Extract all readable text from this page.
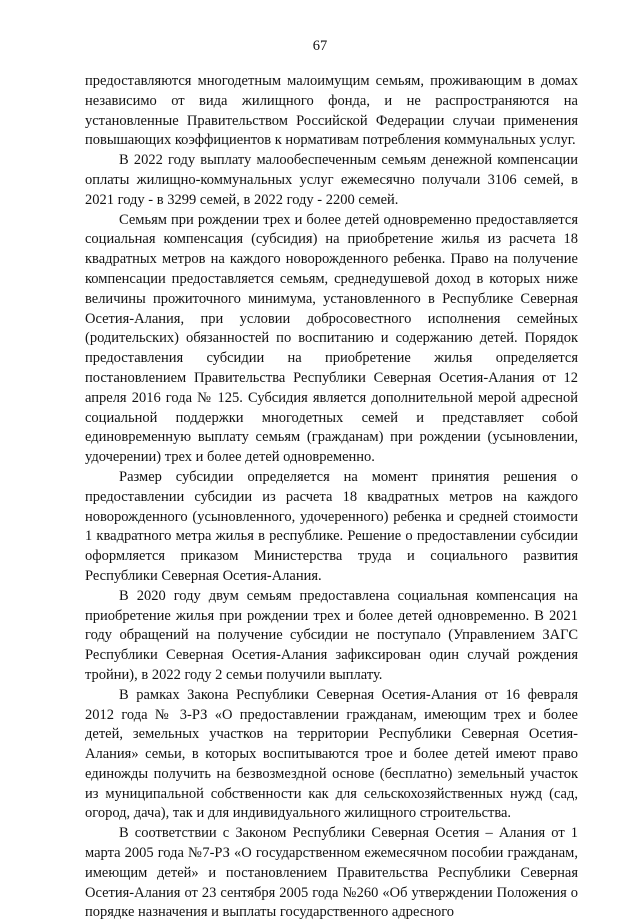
67

предоставляются многодетным малоимущим семьям, проживающим в домах независимо от вида жилищного фонда, и не распространяются на установленные Правительством Российской Федерации случаи применения повышающих коэффициентов к нормативам потребления коммунальных услуг.

В 2022 году выплату малообеспеченным семьям денежной компенсации оплаты жилищно-коммунальных услуг ежемесячно получали 3106 семей, в 2021 году - в 3299 семей, в 2022 году - 2200 семей.

Семьям при рождении трех и более детей одновременно предоставляется социальная компенсация (субсидия) на приобретение жилья из расчета 18 квадратных метров на каждого новорожденного ребенка. Право на получение компенсации предоставляется семьям, среднедушевой доход в которых ниже величины прожиточного минимума, установленного в Республике Северная Осетия-Алания, при условии добросовестного исполнения семейных (родительских) обязанностей по воспитанию и содержанию детей. Порядок предоставления субсидии на приобретение жилья определяется постановлением Правительства Республики Северная Осетия-Алания от 12 апреля 2016 года № 125. Субсидия является дополнительной мерой адресной социальной поддержки многодетных семей и представляет собой единовременную выплату семьям (гражданам) при рождении (усыновлении, удочерении) трех и более детей одновременно.

Размер субсидии определяется на момент принятия решения о предоставлении субсидии из расчета 18 квадратных метров на каждого новорожденного (усыновленного, удочеренного) ребенка и средней стоимости 1 квадратного метра жилья в республике. Решение о предоставлении субсидии оформляется приказом Министерства труда и социального развития Республики Северная Осетия-Алания.

В 2020 году двум семьям предоставлена социальная компенсация на приобретение жилья при рождении трех и более детей одновременно. В 2021 году обращений на получение субсидии не поступало (Управлением ЗАГС Республики Северная Осетия-Алания зафиксирован один случай рождения тройни), в 2022 году 2 семьи получили выплату.

В рамках Закона Республики Северная Осетия-Алания от 16 февраля 2012 года № 3-РЗ «О предоставлении гражданам, имеющим трех и более детей, земельных участков на территории Республики Северная Осетия-Алания» семьи, в которых воспитываются трое и более детей имеют право единожды получить на безвозмездной основе (бесплатно) земельный участок из муниципальной собственности как для сельскохозяйственных нужд (сад, огород, дача), так и для индивидуального жилищного строительства.

В соответствии с Законом Республики Северная Осетия – Алания от 1 марта 2005 года №7-РЗ «О государственном ежемесячном пособии гражданам, имеющим детей» и постановлением Правительства Республики Северная Осетия-Алания от 23 сентября 2005 года №260 «Об утверждении Положения о порядке назначения и выплаты государственного адресного
